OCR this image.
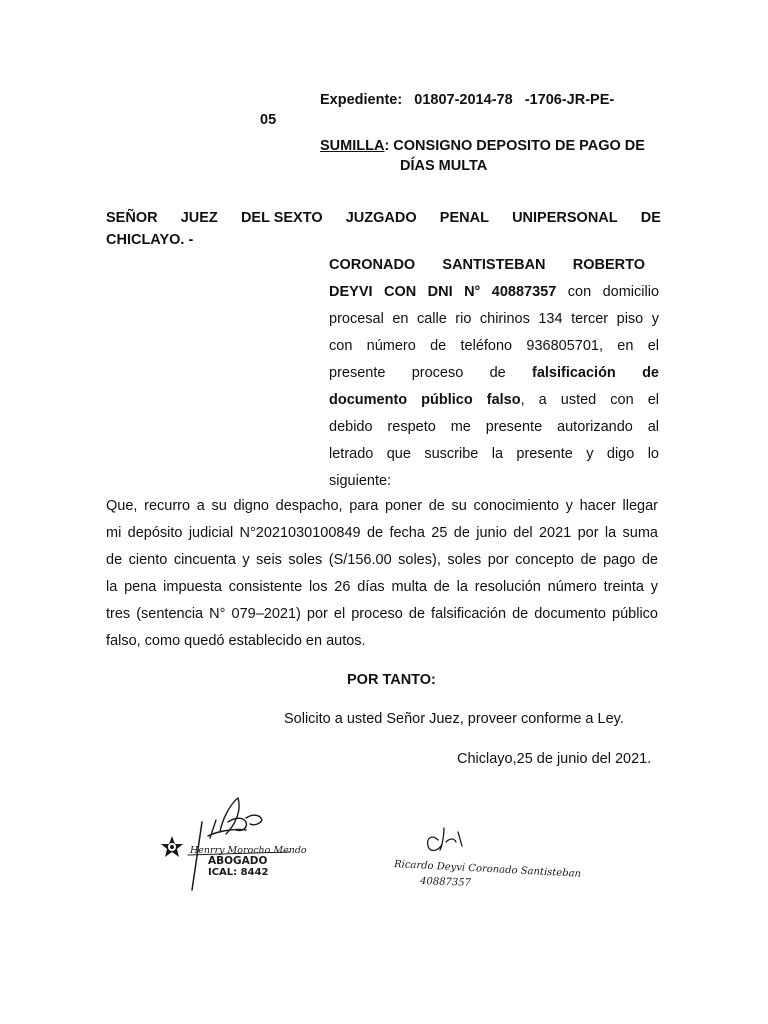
Expediente: 01807-2014-78 -1706-JR-PE-
05
SUMILLA: CONSIGNO DEPOSITO DE PAGO DE
DÍAS MULTA
SEÑOR JUEZ DEL SEXTO JUZGADO PENAL UNIPERSONAL DE
CHICLAYO. -
CORONADO SANTISTEBAN ROBERTO
DEYVI CON DNI N° 40887357 con domicilio
procesal en calle rio chirinos 134 tercer piso y
con número de teléfono 936805701, en el
presente proceso de falsificación de
documento público falso, a usted con el
debido respeto me presente autorizando al
letrado que suscribe la presente y digo lo
siguiente:
Que, recurro a su digno despacho, para poner de su conocimiento y hacer llegar
mi depósito judicial N°2021030100849 de fecha 25 de junio del 2021 por la suma
de ciento cincuenta y seis soles (S/156.00 soles), soles por concepto de pago de
la pena impuesta consistente los 26 días multa de la resolución número treinta y
tres (sentencia N° 079–2021) por el proceso de falsificación de documento público
falso, como quedó establecido en autos.
POR TANTO:
Solicito a usted Señor Juez, proveer conforme a Ley.
Chiclayo,25 de junio del 2021.
Henrry Morocho Mendo
ABOGADO
ICAL: 8442	Ricardo Deyvi Coronado Santisteban
40887357
